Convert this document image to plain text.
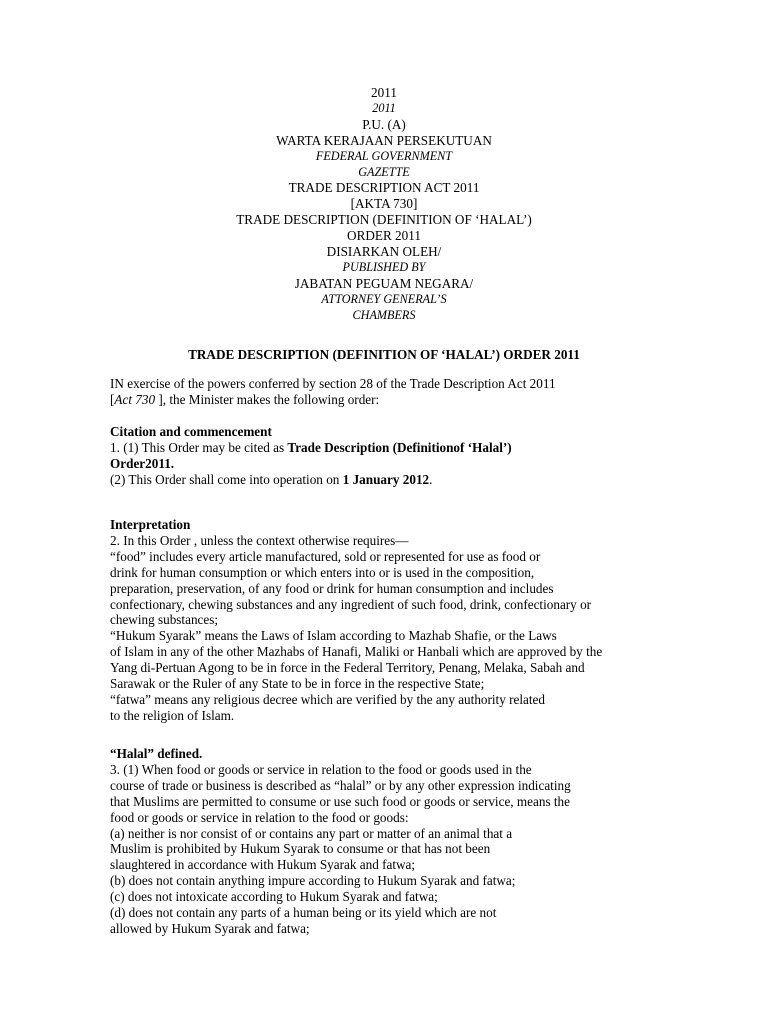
2011
2011
P.U. (A)
WARTA KERAJAAN PERSEKUTUAN
FEDERAL GOVERNMENT
GAZETTE
TRADE DESCRIPTION ACT 2011
[AKTA 730]
TRADE DESCRIPTION (DEFINITION OF ‘HALAL’)
ORDER 2011
DISIARKAN OLEH/
PUBLISHED BY
JABATAN PEGUAM NEGARA/
ATTORNEY GENERAL’S
CHAMBERS
TRADE DESCRIPTION (DEFINITION OF ‘HALAL’) ORDER 2011
IN exercise of the powers conferred by section 28 of the Trade Description Act 2011
[Act 730 ], the Minister makes the following order:
Citation and commencement
1. (1) This Order may be cited as Trade Description (Definitionof ‘Halal’)
Order2011.
(2) This Order shall come into operation on 1 January 2012.
Interpretation
2. In this Order , unless the context otherwise requires—
“food” includes every article manufactured, sold or represented for use as food or
drink for human consumption or which enters into or is used in the composition,
preparation, preservation, of any food or drink for human consumption and includes
confectionary, chewing substances and any ingredient of such food, drink, confectionary or
chewing substances;
“Hukum Syarak” means the Laws of Islam according to Mazhab Shafie, or the Laws
of Islam in any of the other Mazhabs of Hanafi, Maliki or Hanbali which are approved by the
Yang di-Pertuan Agong to be in force in the Federal Territory, Penang, Melaka, Sabah and
Sarawak or the Ruler of any State to be in force in the respective State;
“fatwa” means any religious decree which are verified by the any authority related
to the religion of Islam.
“Halal” defined.
3. (1) When food or goods or service in relation to the food or goods used in the
course of trade or business is described as “halal” or by any other expression indicating
that Muslims are permitted to consume or use such food or goods or service, means the
food or goods or service in relation to the food or goods:
(a) neither is nor consist of or contains any part or matter of an animal that a
Muslim is prohibited by Hukum Syarak to consume or that has not been
slaughtered in accordance with Hukum Syarak and fatwa;
(b) does not contain anything impure according to Hukum Syarak and fatwa;
(c) does not intoxicate according to Hukum Syarak and fatwa;
(d) does not contain any parts of a human being or its yield which are not
allowed by Hukum Syarak and fatwa;
